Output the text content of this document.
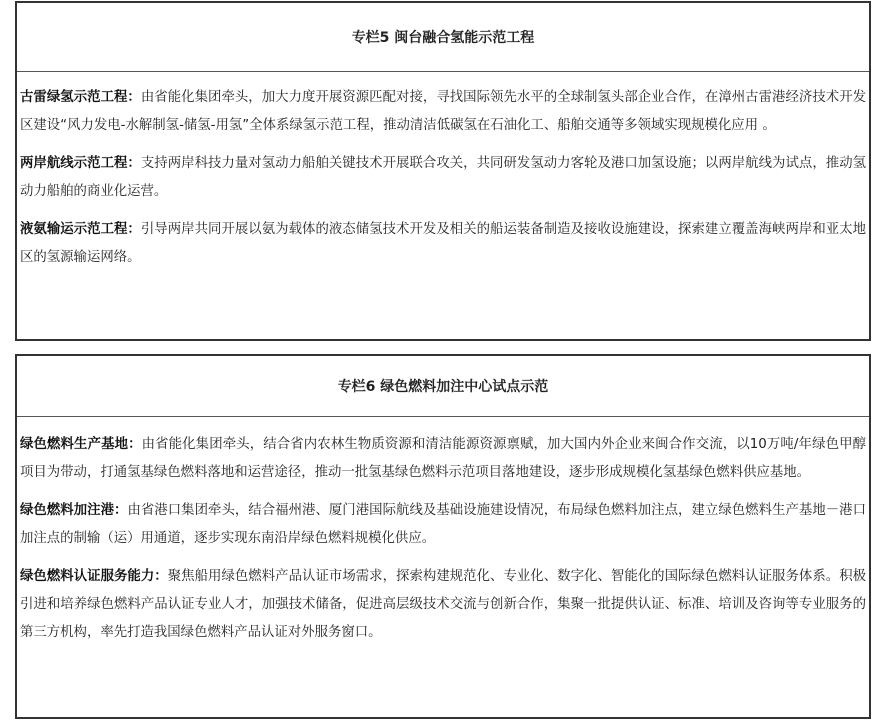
专栏5 闽台融合氢能示范工程

古雷绿氢示范工程：由省能化集团牵头，加大力度开展资源匹配对接，寻找国际领先水平的全球制氢头部企业合作，在漳州古雷港经济技术开发区建设“风力发电-水解制氢-储氢-用氢”全体系绿氢示范工程，推动清洁低碳氢在石油化工、船舶交通等多领域实现规模化应用 。

两岸航线示范工程：支持两岸科技力量对氢动力船舶关键技术开展联合攻关，共同研发氢动力客轮及港口加氢设施；以两岸航线为试点，推动氢动力船舶的商业化运营。

液氨输运示范工程：引导两岸共同开展以氨为载体的液态储氢技术开发及相关的船运装备制造及接收设施建设，探索建立覆盖海峡两岸和亚太地区的氢源输运网络。

专栏6 绿色燃料加注中心试点示范

绿色燃料生产基地：由省能化集团牵头，结合省内农林生物质资源和清洁能源资源禀赋，加大国内外企业来闽合作交流，以10万吨/年绿色甲醇项目为带动，打通氢基绿色燃料落地和运营途径，推动一批氢基绿色燃料示范项目落地建设，逐步形成规模化氢基绿色燃料供应基地。

绿色燃料加注港：由省港口集团牵头，结合福州港、厦门港国际航线及基础设施建设情况，布局绿色燃料加注点，建立绿色燃料生产基地－港口加注点的制输（运）用通道，逐步实现东南沿岸绿色燃料规模化供应。

绿色燃料认证服务能力：聚焦船用绿色燃料产品认证市场需求，探索构建规范化、专业化、数字化、智能化的国际绿色燃料认证服务体系。积极引进和培养绿色燃料产品认证专业人才，加强技术储备，促进高层级技术交流与创新合作，集聚一批提供认证、标准、培训及咨询等专业服务的第三方机构，率先打造我国绿色燃料产品认证对外服务窗口。
